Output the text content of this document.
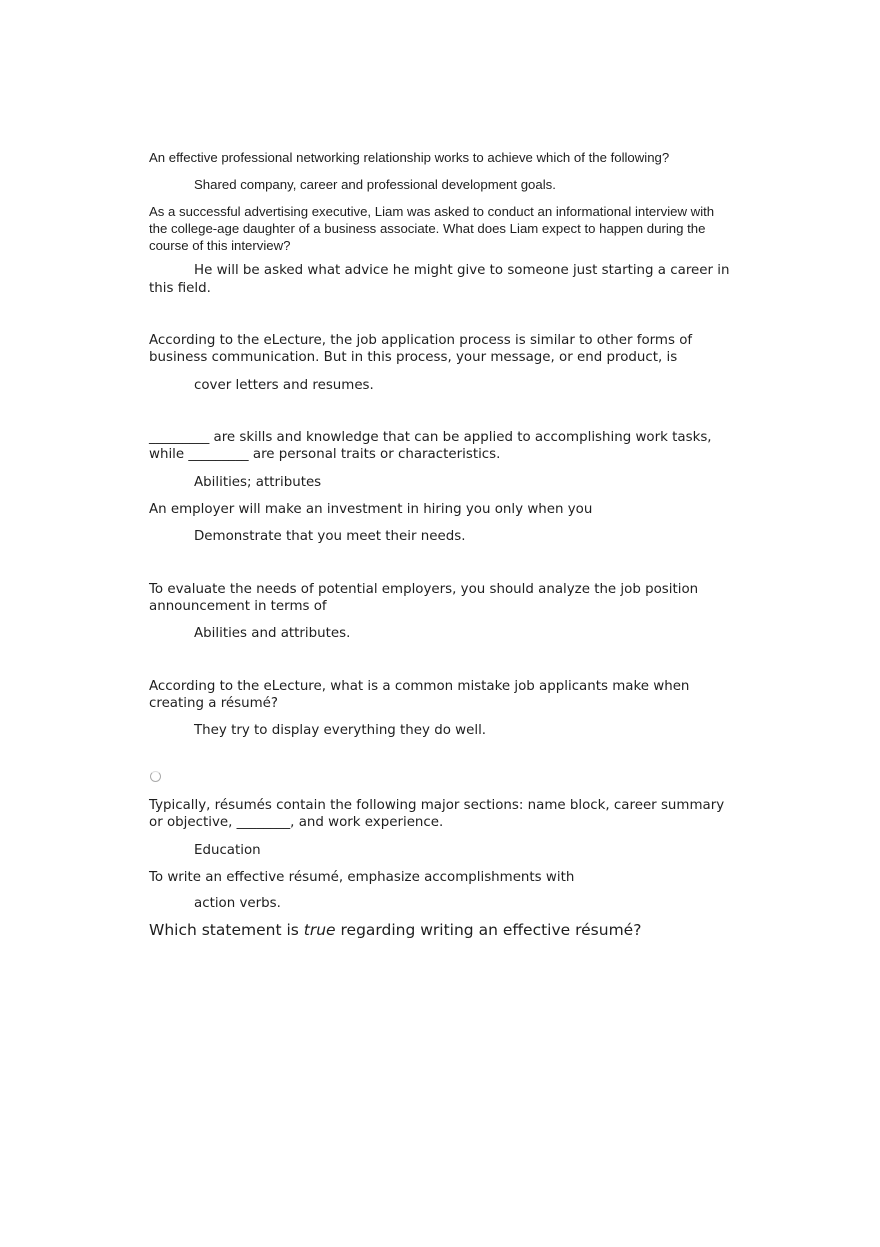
An effective professional networking relationship works to achieve which of the following?
Shared company, career and professional development goals.
As a successful advertising executive, Liam was asked to conduct an informational interview with the college-age daughter of a business associate. What does Liam expect to happen during the course of this interview?
He will be asked what advice he might give to someone just starting a career in this field.
According to the eLecture, the job application process is similar to other forms of business communication. But in this process, your message, or end product, is
cover letters and resumes.
_________ are skills and knowledge that can be applied to accomplishing work tasks, while _________ are personal traits or characteristics.
Abilities; attributes
An employer will make an investment in hiring you only when you
Demonstrate that you meet their needs.
To evaluate the needs of potential employers, you should analyze the job position announcement in terms of
Abilities and attributes.
According to the eLecture, what is a common mistake job applicants make when creating a résumé?
They try to display everything they do well.
Typically, résumés contain the following major sections: name block, career summary or objective, ________, and work experience.
Education
To write an effective résumé, emphasize accomplishments with
action verbs.
Which statement is true regarding writing an effective résumé?
